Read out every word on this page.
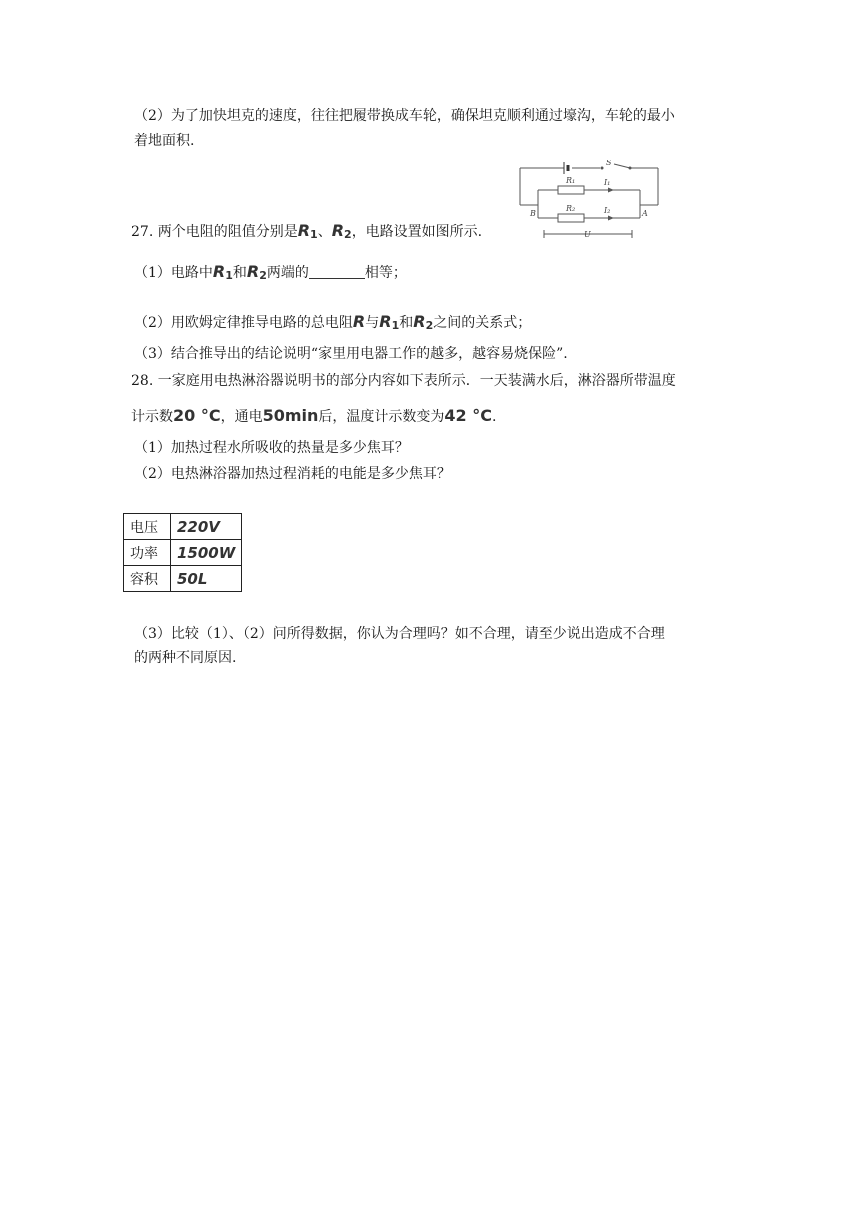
（2）为了加快坦克的速度，往往把履带换成车轮，确保坦克顺利通过壕沟，车轮的最小
着地面积.
S
R₁
R₂
I₁
I₂
B	A
U
27. 两个电阻的阻值分别是R1、R2，电路设置如图所示.
（1）电路中R1和R2两端的	相等；
（2）用欧姆定律推导电路的总电阻R与R1和R2之间的关系式；
（3）结合推导出的结论说明“家里用电器工作的越多，越容易烧保险”.
28. 一家庭用电热淋浴器说明书的部分内容如下表所示．一天装满水后，淋浴器所带温度
计示数20 °C，通电50min后，温度计示数变为42 °C.
（1）加热过程水所吸收的热量是多少焦耳？
（2）电热淋浴器加热过程消耗的电能是多少焦耳？
电压	220V
功率	1500W
容积	50L
（3）比较（1）、（2）问所得数据，你认为合理吗？如不合理，请至少说出造成不合理
的两种不同原因.
